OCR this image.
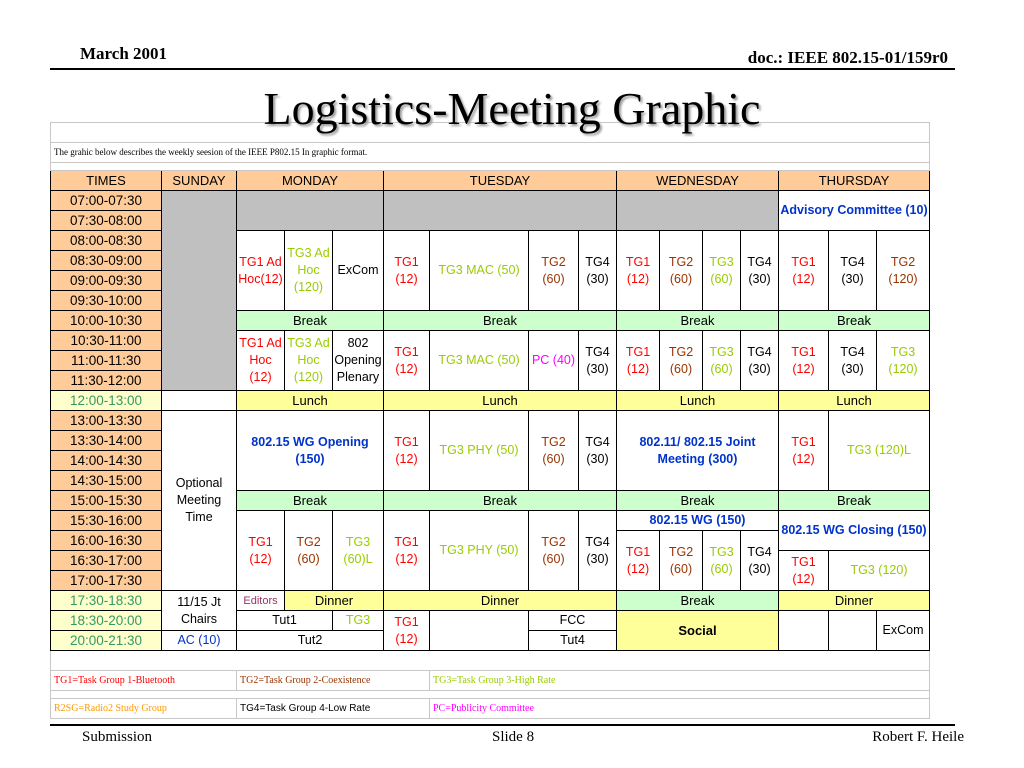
March 2001	doc.: IEEE 802.15-01/159r0
Logistics-Meeting Graphic

The grahic below describes the weekly seesion of the IEEE P802.15 In graphic format.															

TIMES	SUNDAY	MONDAY			TUESDAY				WEDNESDAY				THURSDAY		
07:00-07:30													Advisory Committee (10)		
07:30-08:00															
08:00-08:30		TG1 Ad Hoc(12)	TG3 Ad Hoc (120)	ExCom	TG1 (12)	TG3 MAC (50)	TG2 (60)	TG4 (30)	TG1 (12)	TG2 (60)	TG3 (60)	TG4 (30)	TG1 (12)	TG4 (30)	TG2 (120)
08:30-09:00															
09:00-09:30															
09:30-10:00															
10:00-10:30		Break			Break				Break				Break		
10:30-11:00		TG1 Ad Hoc (12)	TG3 Ad Hoc (120)	802 Opening Plenary	TG1 (12)	TG3 MAC (50)	PC (40)	TG4 (30)	TG1 (12)	TG2 (60)	TG3 (60)	TG4 (30)	TG1 (12)	TG4 (30)	TG3 (120)
11:00-11:30															
11:30-12:00															
12:00-13:00		Lunch			Lunch				Lunch				Lunch		
13:00-13:30	Optional Meeting Time	802.15 WG Opening (150)			TG1 (12)	TG3 PHY (50)	TG2 (60)	TG4 (30)	802.11/ 802.15 Joint Meeting (300)				TG1 (12)	TG3 (120)L	
13:30-14:00															
14:00-14:30															
14:30-15:00															
15:00-15:30		Break			Break				Break				Break		
15:30-16:00		TG1 (12)	TG2 (60)	TG3 (60)L	TG1 (12)	TG3 PHY (50)	TG2 (60)	TG4 (30)	802.15 WG (150)				802.15 WG Closing (150)		
16:00-16:30									TG1 (12)	TG2 (60)	TG3 (60)	TG4 (30)			
16:30-17:00													TG1 (12)	TG3 (120)	
17:00-17:30															
17:30-18:30	11/15 Jt Chairs	Editors	Dinner		Dinner				Break				Dinner		
18:30-20:00		Tut1		TG3	TG1 (12)		FCC		Social						ExCom
20:00-21:30	AC (10)	Tut2					Tut4								

TG1=Task Group 1-Bluetooth		TG2=Task Group 2-Coexistence				TG3=Task Group 3-High Rate									

R2SG=Radio2 Study Group		TG4=Task Group 4-Low Rate				PC=Publicity Committee									
Submission	Slide 8	Robert F. Heile
